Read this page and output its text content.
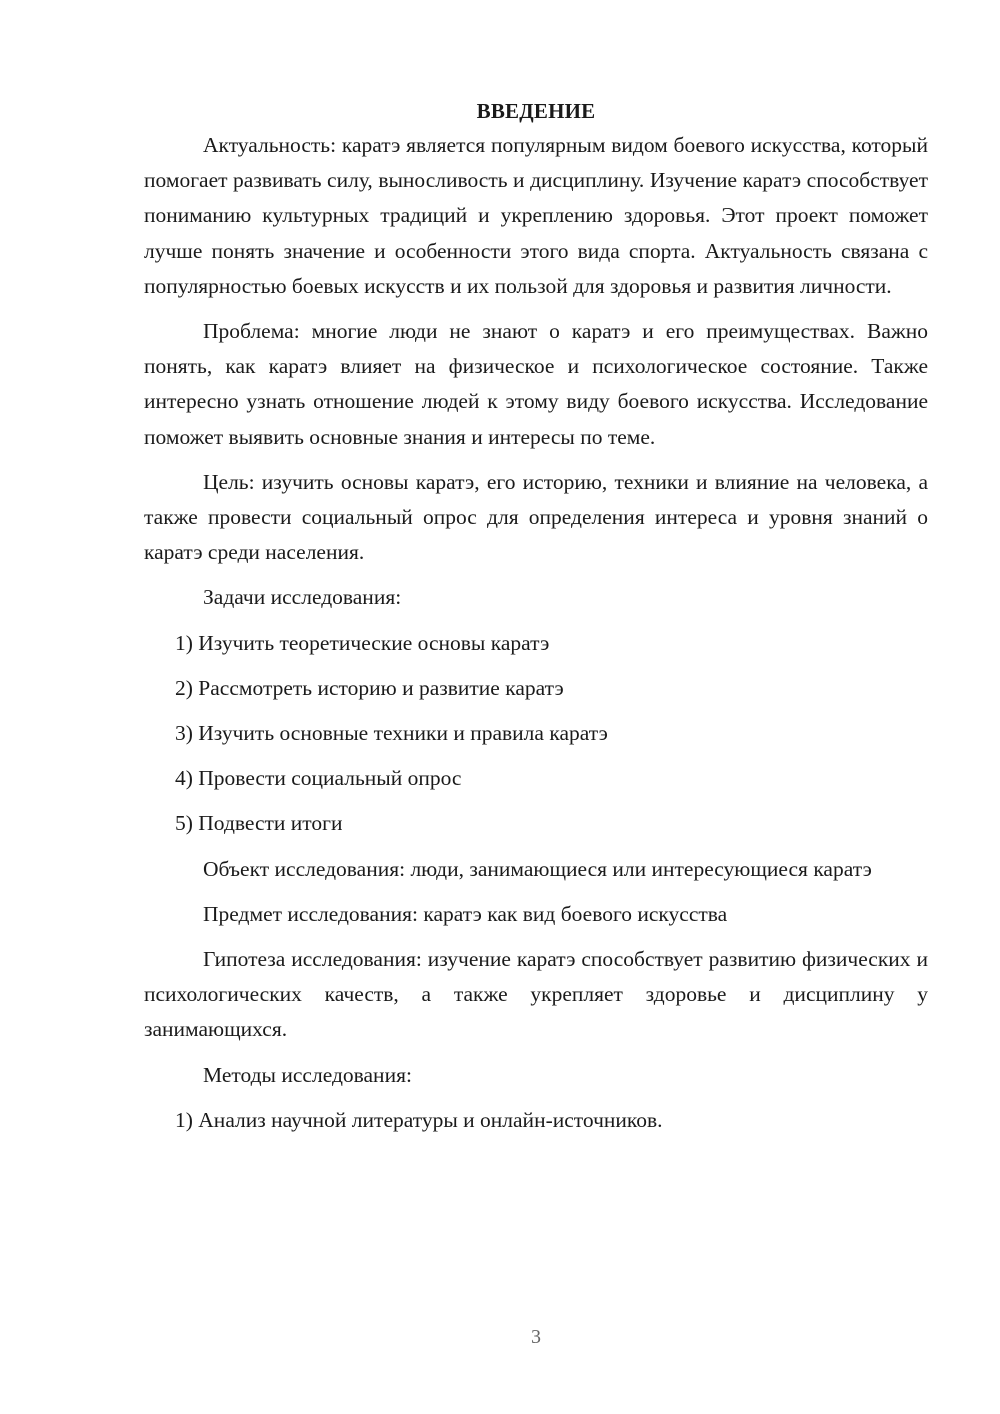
ВВЕДЕНИЕ

Актуальность: каратэ является популярным видом боевого искусства, который помогает развивать силу, выносливость и дисциплину. Изучение каратэ способствует пониманию культурных традиций и укреплению здоровья. Этот проект поможет лучше понять значение и особенности этого вида спорта. Актуальность связана с популярностью боевых искусств и их пользой для здоровья и развития личности.

Проблема: многие люди не знают о каратэ и его преимуществах. Важно понять, как каратэ влияет на физическое и психологическое состояние. Также интересно узнать отношение людей к этому виду боевого искусства. Исследование поможет выявить основные знания и интересы по теме.

Цель: изучить основы каратэ, его историю, техники и влияние на человека, а также провести социальный опрос для определения интереса и уровня знаний о каратэ среди населения.

Задачи исследования:
1) Изучить теоретические основы каратэ
2) Рассмотреть историю и развитие каратэ
3) Изучить основные техники и правила каратэ
4) Провести социальный опрос
5) Подвести итоги

Объект исследования: люди, занимающиеся или интересующиеся каратэ

Предмет исследования: каратэ как вид боевого искусства

Гипотеза исследования: изучение каратэ способствует развитию физических и психологических качеств, а также укрепляет здоровье и дисциплину у занимающихся.

Методы исследования:
1) Анализ научной литературы и онлайн-источников.
3
